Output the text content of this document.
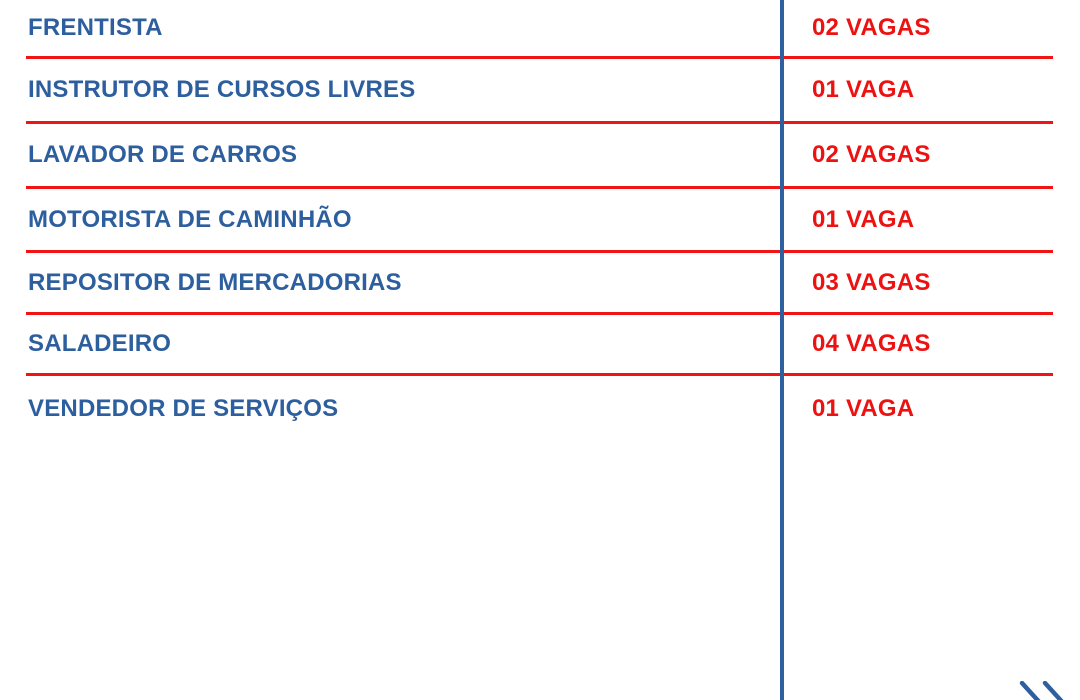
FRENTISTA	02 VAGAS
INSTRUTOR DE CURSOS LIVRES	01 VAGA
LAVADOR DE CARROS	02 VAGAS
MOTORISTA DE CAMINHÃO	01 VAGA
REPOSITOR DE MERCADORIAS	03 VAGAS
SALADEIRO	04 VAGAS
VENDEDOR DE SERVIÇOS	01 VAGA
